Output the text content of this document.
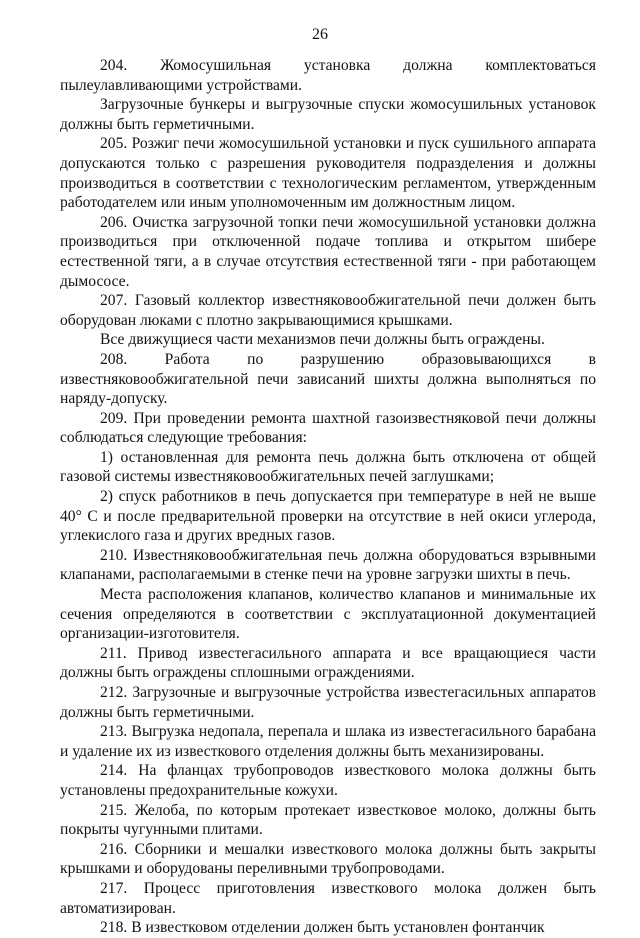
26

204. Жомосушильная установка должна комплектоваться пылеулавливающими устройствами.

Загрузочные бункеры и выгрузочные спуски жомосушильных установок должны быть герметичными.

205. Розжиг печи жомосушильной установки и пуск сушильного аппарата допускаются только с разрешения руководителя подразделения и должны производиться в соответствии с технологическим регламентом, утвержденным работодателем или иным уполномоченным им должностным лицом.

206. Очистка загрузочной топки печи жомосушильной установки должна производиться при отключенной подаче топлива и открытом шибере естественной тяги, а в случае отсутствия естественной тяги - при работающем дымососе.

207. Газовый коллектор известняковообжигательной печи должен быть оборудован люками с плотно закрывающимися крышками.

Все движущиеся части механизмов печи должны быть ограждены.

208. Работа по разрушению образовывающихся в известняковообжигательной печи зависаний шихты должна выполняться по наряду-допуску.

209. При проведении ремонта шахтной газоизвестняковой печи должны соблюдаться следующие требования:

1) остановленная для ремонта печь должна быть отключена от общей газовой системы известняковообжигательных печей заглушками;

2) спуск работников в печь допускается при температуре в ней не выше 40° С и после предварительной проверки на отсутствие в ней окиси углерода, углекислого газа и других вредных газов.

210. Известняковообжигательная печь должна оборудоваться взрывными клапанами, располагаемыми в стенке печи на уровне загрузки шихты в печь.

Места расположения клапанов, количество клапанов и минимальные их сечения определяются в соответствии с эксплуатационной документацией организации-изготовителя.

211. Привод известегасильного аппарата и все вращающиеся части должны быть ограждены сплошными ограждениями.

212. Загрузочные и выгрузочные устройства известегасильных аппаратов должны быть герметичными.

213. Выгрузка недопала, перепала и шлака из известегасильного барабана и удаление их из известкового отделения должны быть механизированы.

214. На фланцах трубопроводов известкового молока должны быть установлены предохранительные кожухи.

215. Желоба, по которым протекает известковое молоко, должны быть покрыты чугунными плитами.

216. Сборники и мешалки известкового молока должны быть закрыты крышками и оборудованы переливными трубопроводами.

217. Процесс приготовления известкового молока должен быть автоматизирован.

218. В известковом отделении должен быть установлен фонтанчик
